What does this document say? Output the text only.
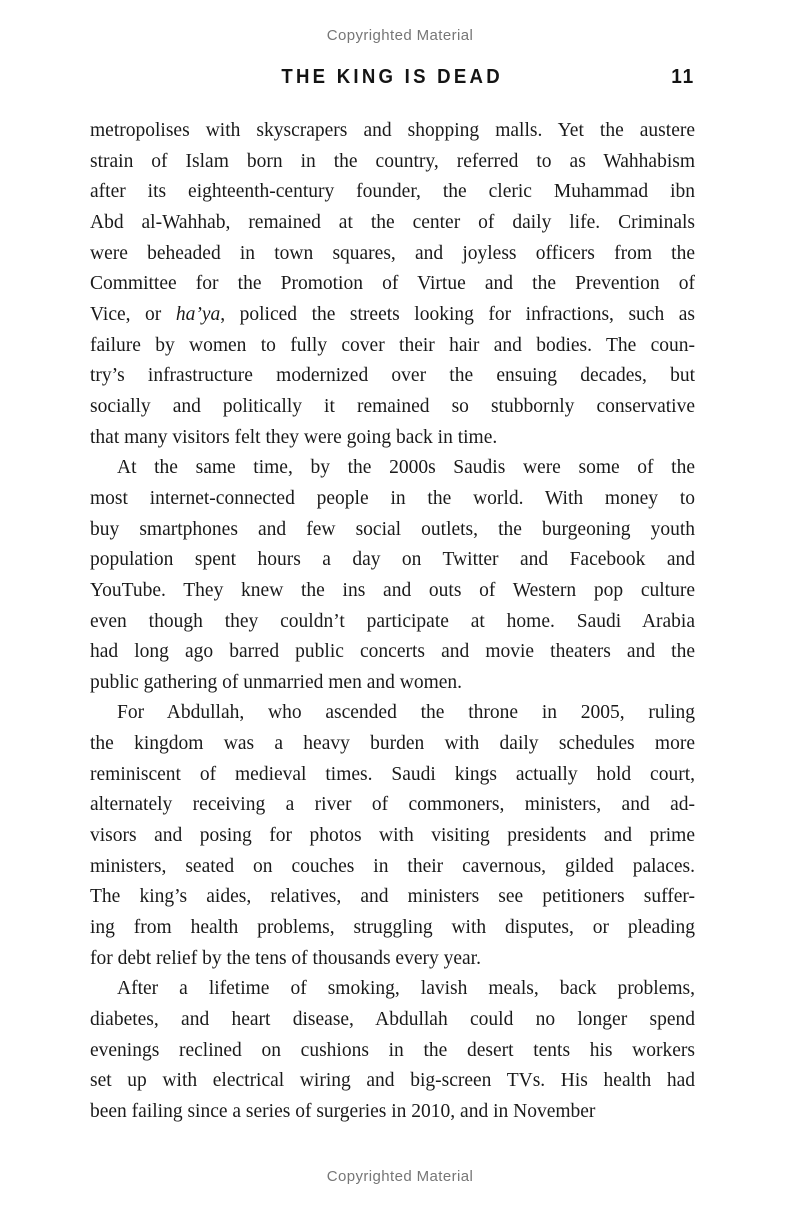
Copyrighted Material
THE KING IS DEAD	11
metropolises with skyscrapers and shopping malls. Yet the austere
strain of Islam born in the country, referred to as Wahhabism
after its eighteenth-century founder, the cleric Muhammad ibn
Abd al-Wahhab, remained at the center of daily life. Criminals
were beheaded in town squares, and joyless officers from the
Committee for the Promotion of Virtue and the Prevention of
Vice, or ha’ya, policed the streets looking for infractions, such as
failure by women to fully cover their hair and bodies. The coun-
try’s infrastructure modernized over the ensuing decades, but
socially and politically it remained so stubbornly conservative
that many visitors felt they were going back in time.
At the same time, by the 2000s Saudis were some of the
most internet-connected people in the world. With money to
buy smartphones and few social outlets, the burgeoning youth
population spent hours a day on Twitter and Facebook and
YouTube. They knew the ins and outs of Western pop culture
even though they couldn’t participate at home. Saudi Arabia
had long ago barred public concerts and movie theaters and the
public gathering of unmarried men and women.
For Abdullah, who ascended the throne in 2005, ruling
the kingdom was a heavy burden with daily schedules more
reminiscent of medieval times. Saudi kings actually hold court,
alternately receiving a river of commoners, ministers, and ad-
visors and posing for photos with visiting presidents and prime
ministers, seated on couches in their cavernous, gilded palaces.
The king’s aides, relatives, and ministers see petitioners suffer-
ing from health problems, struggling with disputes, or pleading
for debt relief by the tens of thousands every year.
After a lifetime of smoking, lavish meals, back problems,
diabetes, and heart disease, Abdullah could no longer spend
evenings reclined on cushions in the desert tents his workers
set up with electrical wiring and big-screen TVs. His health had
been failing since a series of surgeries in 2010, and in November
Copyrighted Material
